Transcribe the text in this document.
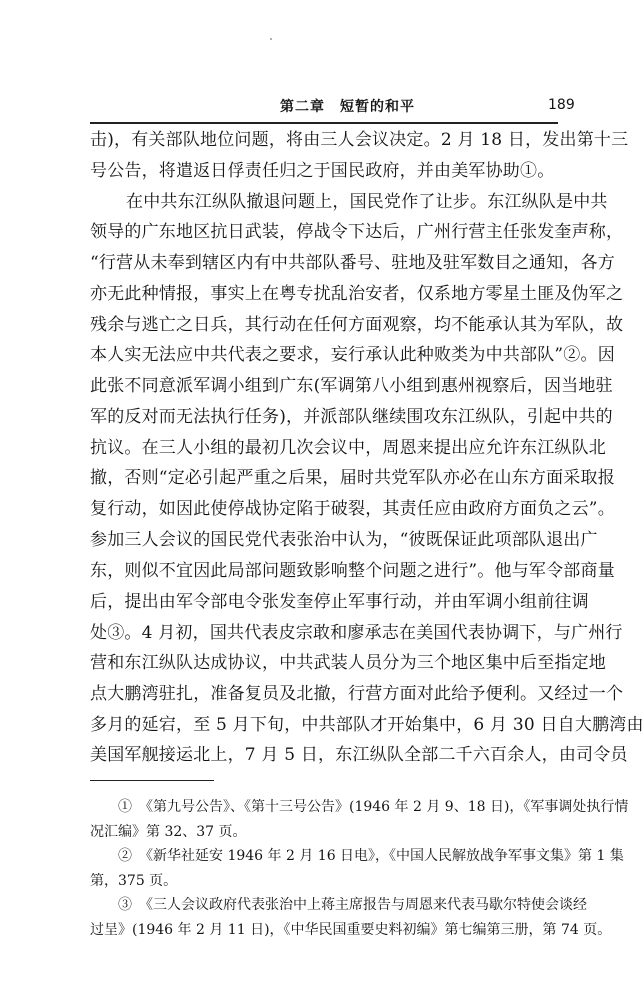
第二章　短暂的和平	189
击)，有关部队地位问题，将由三人会议决定。2 月 18 日，发出第十三
号公告，将遣返日俘责任归之于国民政府，并由美军协助①。
在中共东江纵队撤退问题上，国民党作了让步。东江纵队是中共
领导的广东地区抗日武装，停战令下达后，广州行营主任张发奎声称，
“行营从未奉到辖区内有中共部队番号、驻地及驻军数目之通知，各方
亦无此种情报，事实上在粤专扰乱治安者，仅系地方零星土匪及伪军之
残余与逃亡之日兵，其行动在任何方面观察，均不能承认其为军队，故
本人实无法应中共代表之要求，妄行承认此种败类为中共部队”②。因
此张不同意派军调小组到广东(军调第八小组到惠州视察后，因当地驻
军的反对而无法执行任务)，并派部队继续围攻东江纵队，引起中共的
抗议。在三人小组的最初几次会议中，周恩来提出应允许东江纵队北
撤，否则“定必引起严重之后果，届时共党军队亦必在山东方面采取报
复行动，如因此使停战协定陷于破裂，其责任应由政府方面负之云”。
参加三人会议的国民党代表张治中认为，“彼既保证此项部队退出广
东，则似不宜因此局部问题致影响整个问题之进行”。他与军令部商量
后，提出由军令部电令张发奎停止军事行动，并由军调小组前往调
处③。4 月初，国共代表皮宗敢和廖承志在美国代表协调下，与广州行
营和东江纵队达成协议，中共武装人员分为三个地区集中后至指定地
点大鹏湾驻扎，准备复员及北撤，行营方面对此给予便利。又经过一个
多月的延宕，至 5 月下旬，中共部队才开始集中，6 月 30 日自大鹏湾由
美国军舰接运北上，7 月 5 日，东江纵队全部二千六百余人，由司令员
①　《第九号公告》、《第十三号公告》(1946 年 2 月 9、18 日)，《军事调处执行情
况汇编》第 32、37 页。
②　《新华社延安 1946 年 2 月 16 日电》，《中国人民解放战争军事文集》第 1 集
第，375 页。
③　《三人会议政府代表张治中上蒋主席报告与周恩来代表马歇尔特使会谈经
过呈》(1946 年 2 月 11 日)，《中华民国重要史料初编》第七编第三册，第 74 页。
